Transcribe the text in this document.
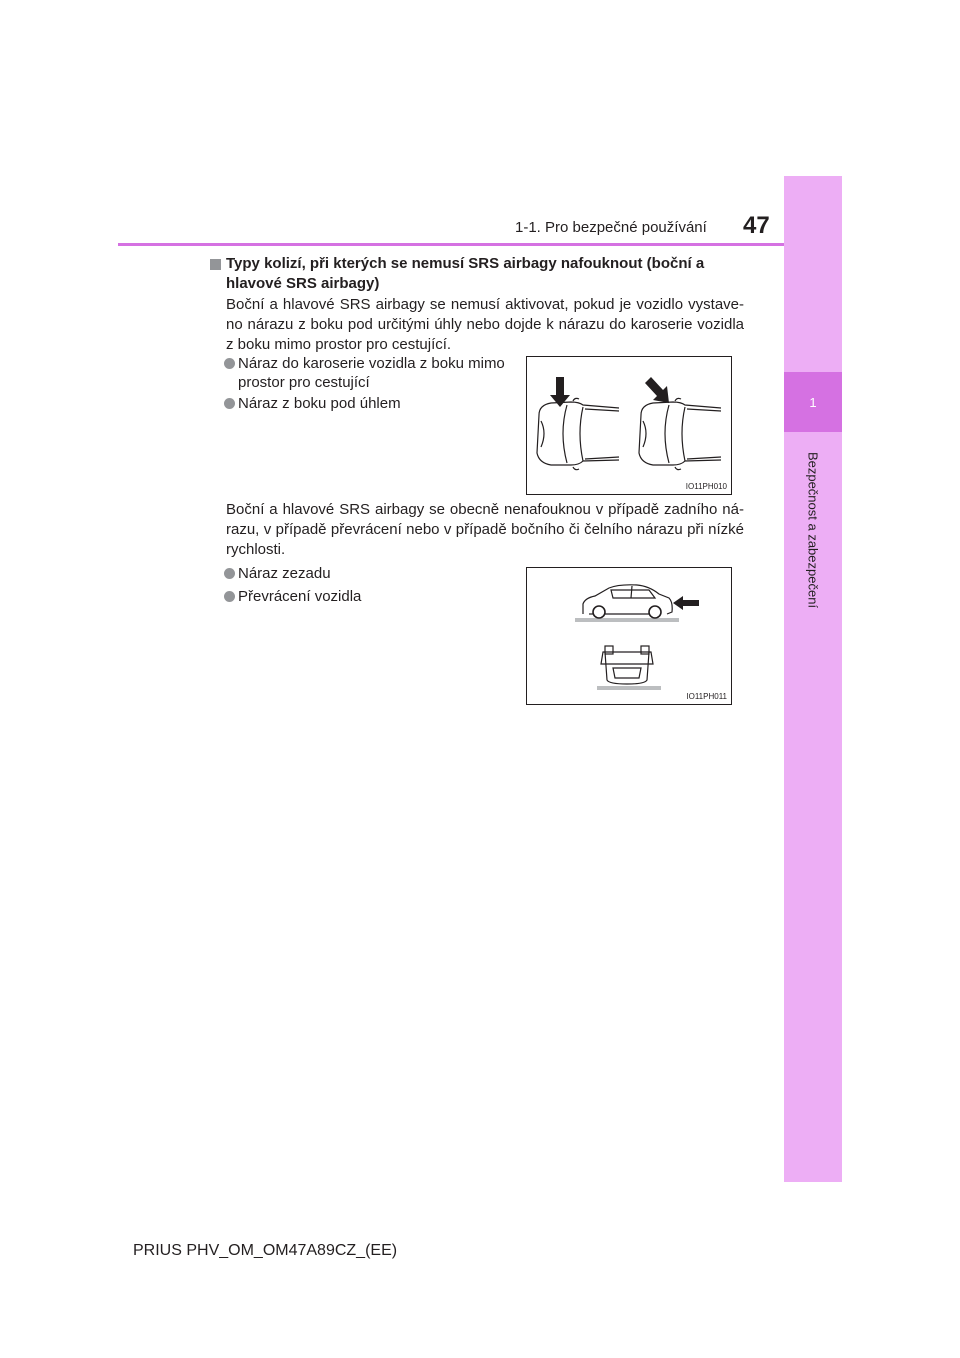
1
Bezpečnost a zabezpečení
1-1. Pro bezpečné používání 47
Typy kolizí, při kterých se nemusí SRS airbagy nafouknout (boční a hlavové SRS airbagy)
Boční a hlavové SRS airbagy se nemusí aktivovat, pokud je vozidlo vystave-no nárazu z boku pod určitými úhly nebo dojde k nárazu do karoserie vozidla z boku mimo prostor pro cestující.
Náraz do karoserie vozidla z boku mimo prostor pro cestující
Náraz z boku pod úhlem
IO11PH010
Boční a hlavové SRS airbagy se obecně nenafouknou v případě zadního ná-razu, v případě převrácení nebo v případě bočního či čelního nárazu při nízké rychlosti.
Náraz zezadu
Převrácení vozidla
IO11PH011
PRIUS PHV_OM_OM47A89CZ_(EE)
